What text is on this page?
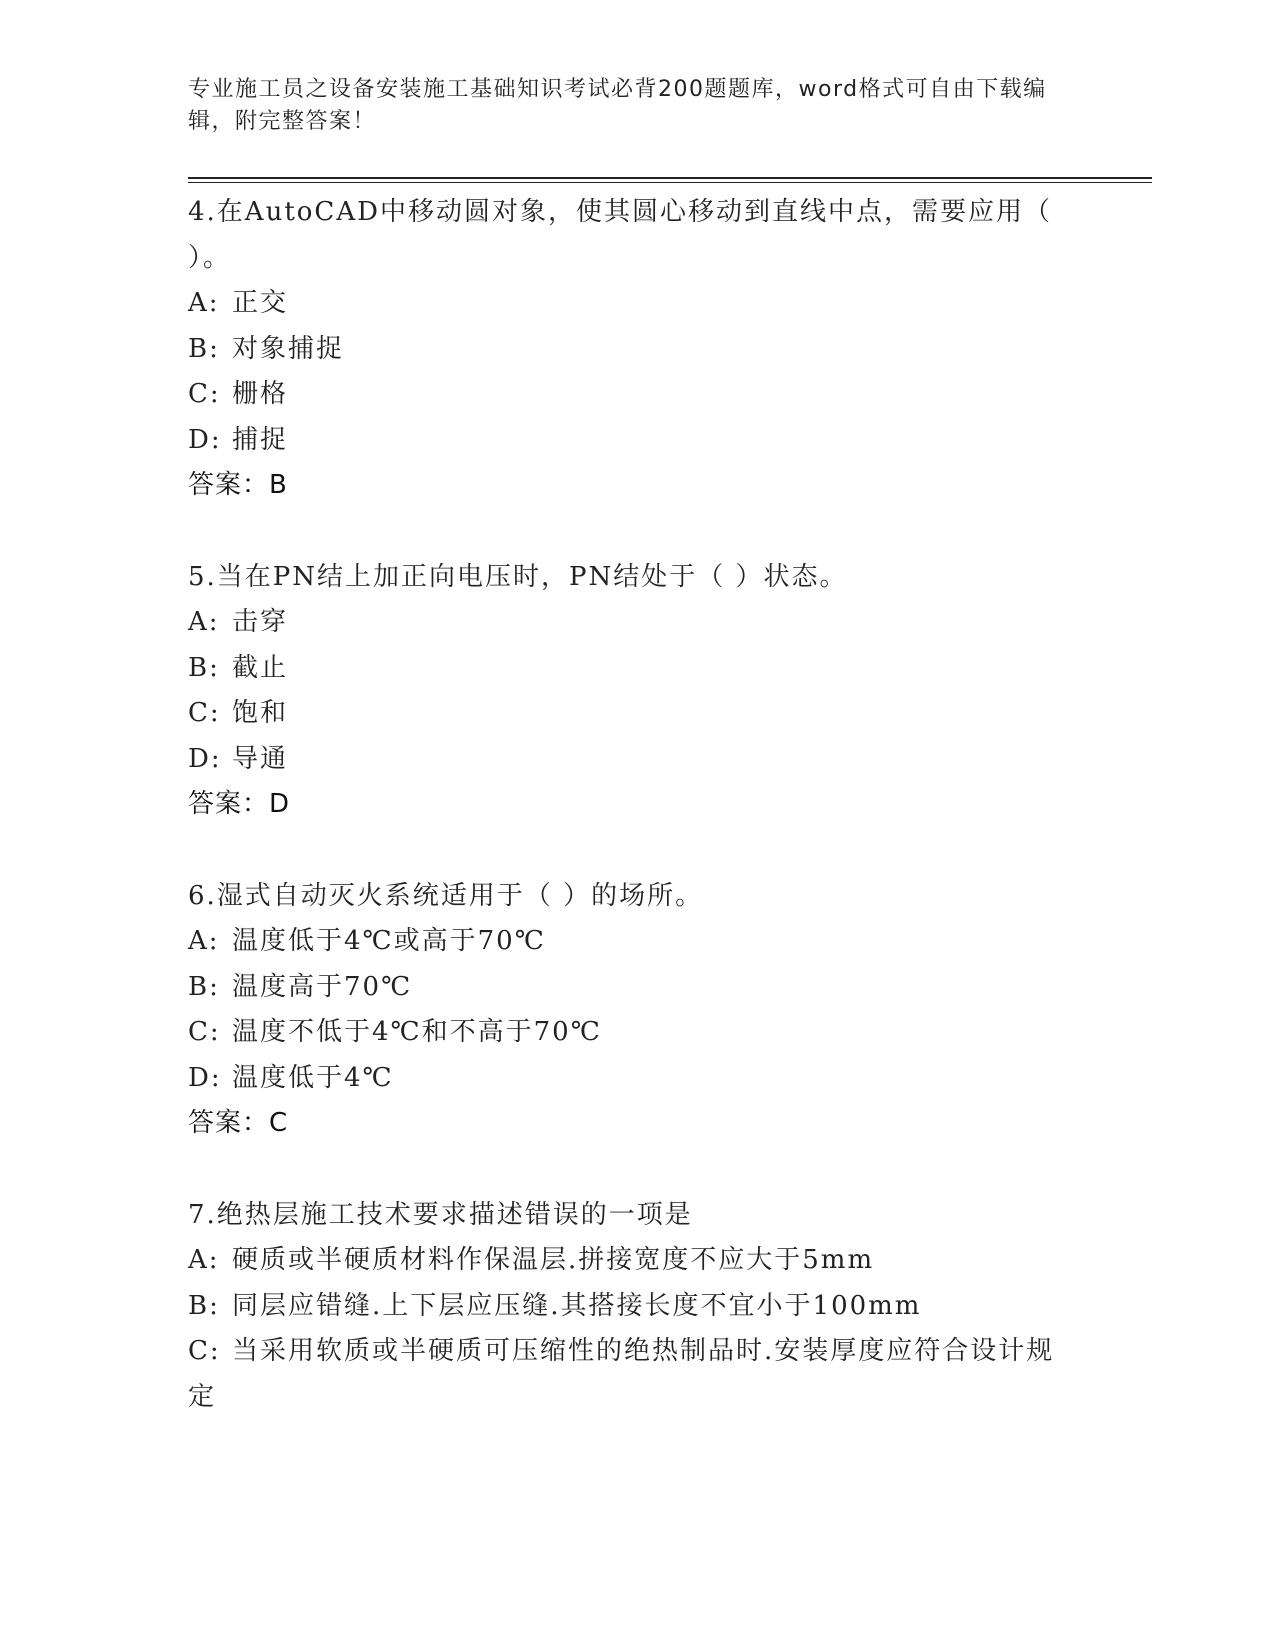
专业施工员之设备安装施工基础知识考试必背200题题库，word格式可自由下载编辑，附完整答案！
4.在AutoCAD中移动圆对象，使其圆心移动到直线中点，需要应用（ ）。
A: 正交
B: 对象捕捉
C: 栅格
D: 捕捉
答案：B
5.当在PN结上加正向电压时，PN结处于（ ）状态。
A: 击穿
B: 截止
C: 饱和
D: 导通
答案：D
6.湿式自动灭火系统适用于（ ）的场所。
A: 温度低于4℃或高于70℃
B: 温度高于70℃
C: 温度不低于4℃和不高于70℃
D: 温度低于4℃
答案：C
7.绝热层施工技术要求描述错误的一项是
A: 硬质或半硬质材料作保温层.拼接宽度不应大于5mm
B: 同层应错缝.上下层应压缝.其搭接长度不宜小于100mm
C: 当采用软质或半硬质可压缩性的绝热制品时.安装厚度应符合设计规定
